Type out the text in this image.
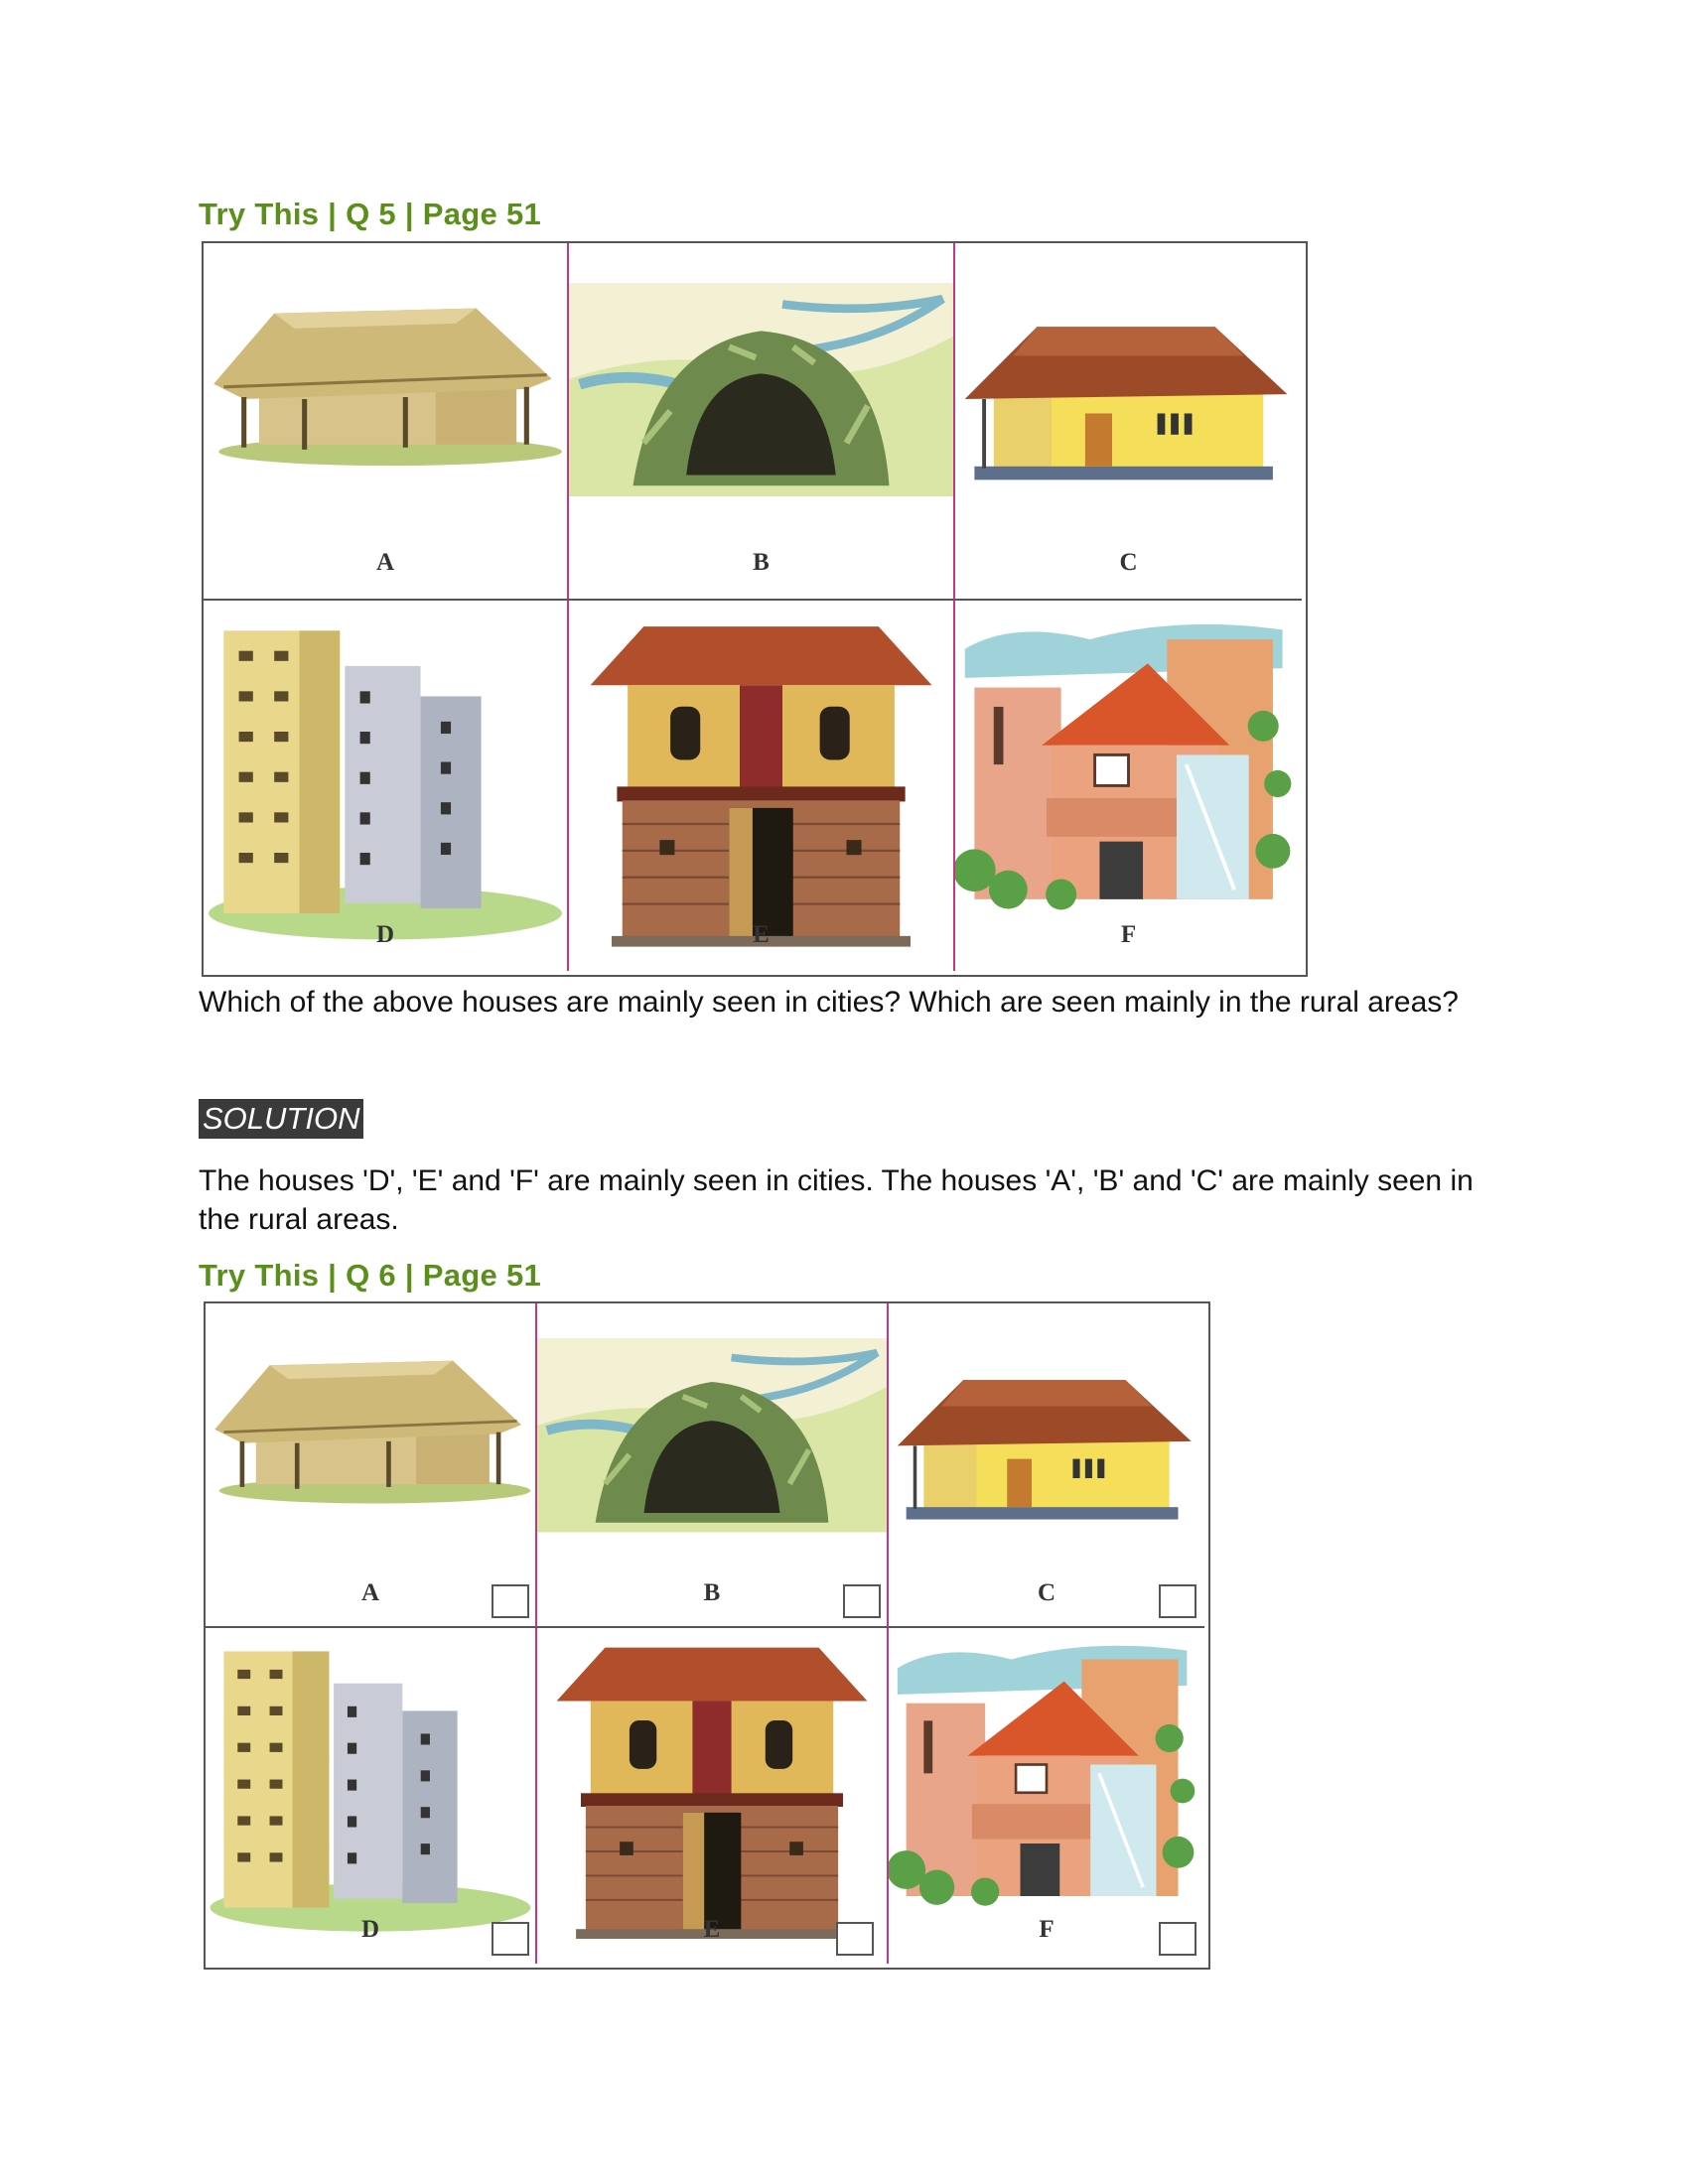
Try This | Q 5 | Page 51
A	B	C
D	E	F
Which of the above houses are mainly seen in cities? Which are seen mainly in the rural areas?
SOLUTION
The houses 'D', 'E' and 'F' are mainly seen in cities. The houses 'A', 'B' and 'C' are mainly seen in the rural areas.
Try This | Q 6 | Page 51
A	B	C
D	E	F
